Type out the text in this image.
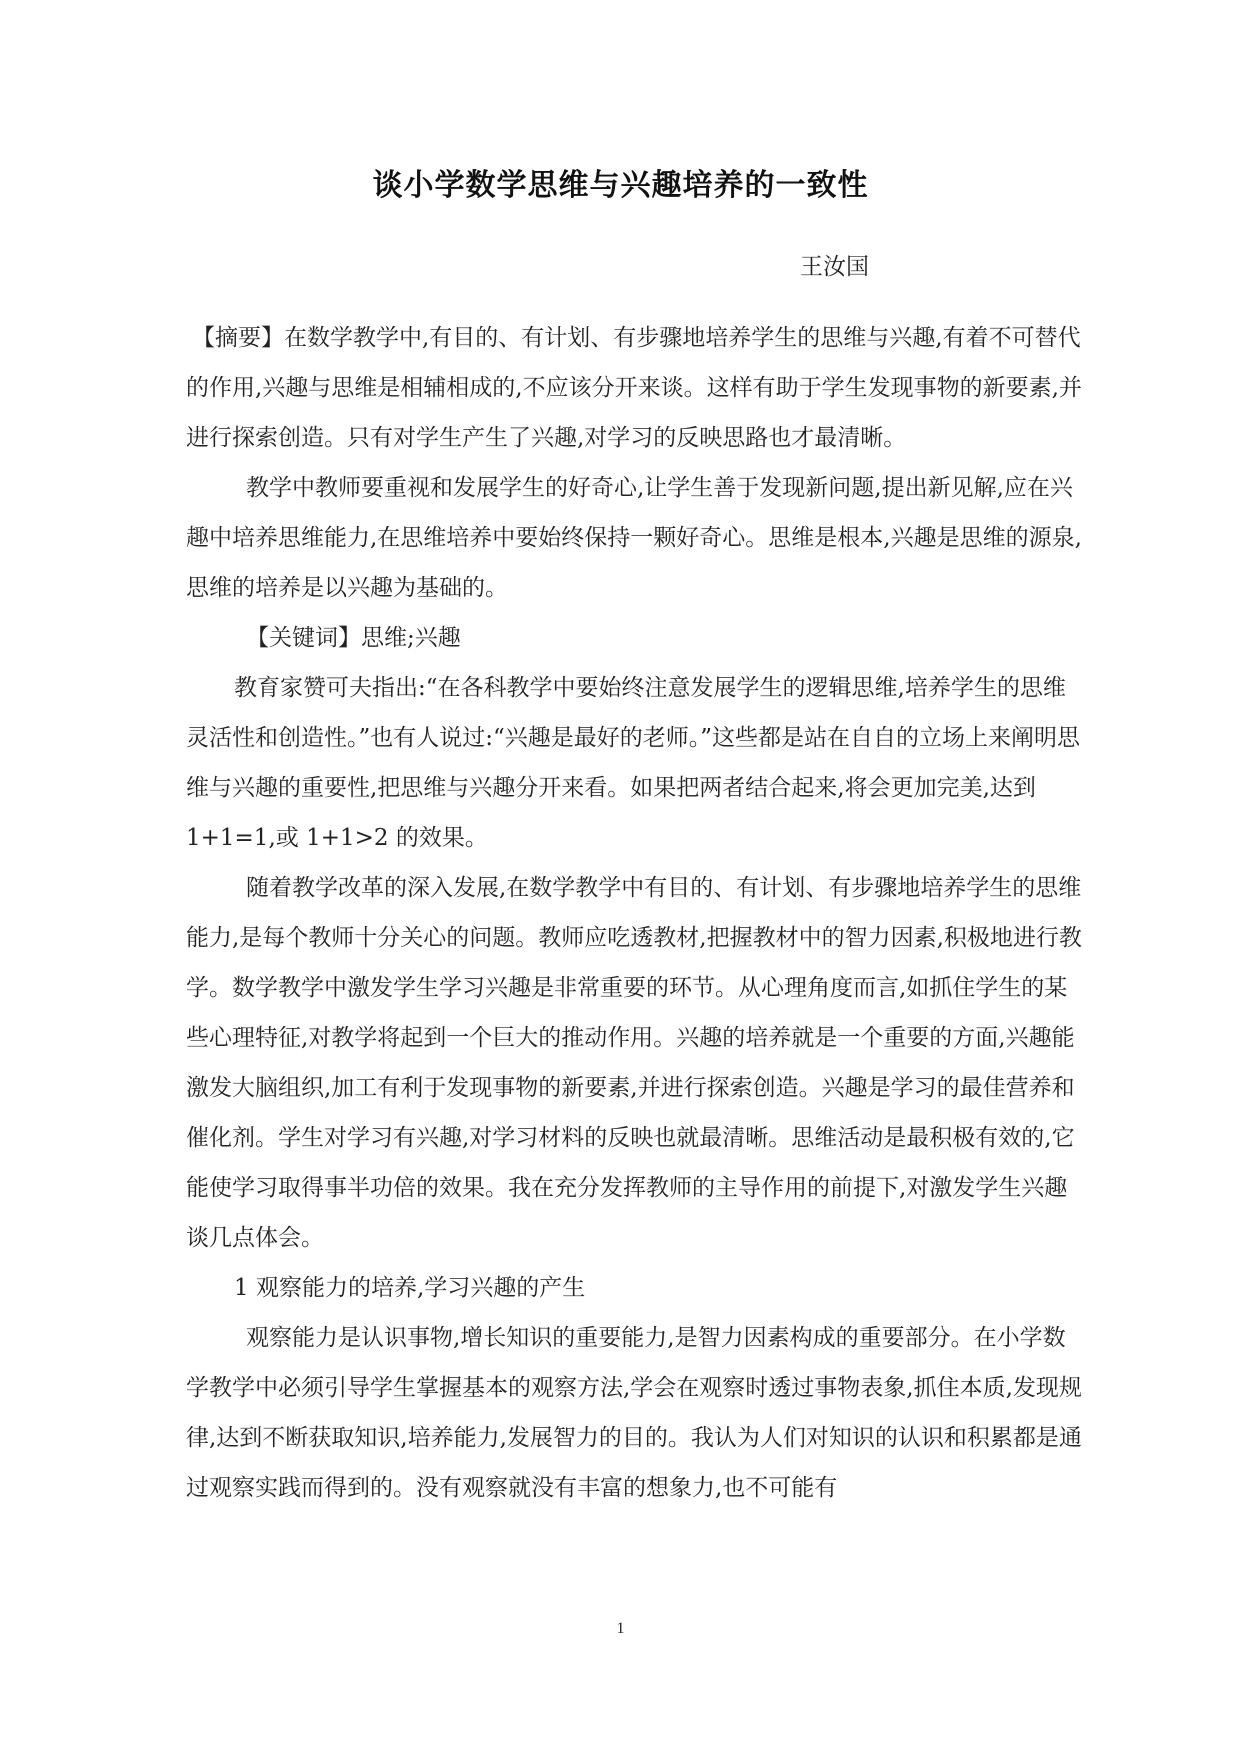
谈小学数学思维与兴趣培养的一致性
王汝国

【摘要】在数学教学中,有目的、有计划、有步骤地培养学生的思维与兴趣,有着不可替代的作用,兴趣与思维是相辅相成的,不应该分开来谈。这样有助于学生发现事物的新要素,并进行探索创造。只有对学生产生了兴趣,对学习的反映思路也才最清晰。

教学中教师要重视和发展学生的好奇心,让学生善于发现新问题,提出新见解,应在兴趣中培养思维能力,在思维培养中要始终保持一颗好奇心。思维是根本,兴趣是思维的源泉,思维的培养是以兴趣为基础的。

【关键词】思维;兴趣

教育家赞可夫指出:“在各科教学中要始终注意发展学生的逻辑思维,培养学生的思维灵活性和创造性。”也有人说过:“兴趣是最好的老师。”这些都是站在自自的立场上来阐明思维与兴趣的重要性,把思维与兴趣分开来看。如果把两者结合起来,将会更加完美,达到 1+1=1,或 1+1>2 的效果。

随着教学改革的深入发展,在数学教学中有目的、有计划、有步骤地培养学生的思维能力,是每个教师十分关心的问题。教师应吃透教材,把握教材中的智力因素,积极地进行教学。数学教学中激发学生学习兴趣是非常重要的环节。从心理角度而言,如抓住学生的某些心理特征,对教学将起到一个巨大的推动作用。兴趣的培养就是一个重要的方面,兴趣能激发大脑组织,加工有利于发现事物的新要素,并进行探索创造。兴趣是学习的最佳营养和催化剂。学生对学习有兴趣,对学习材料的反映也就最清晰。思维活动是最积极有效的,它能使学习取得事半功倍的效果。我在充分发挥教师的主导作用的前提下,对激发学生兴趣谈几点体会。

1 观察能力的培养,学习兴趣的产生

观察能力是认识事物,增长知识的重要能力,是智力因素构成的重要部分。在小学数学教学中必须引导学生掌握基本的观察方法,学会在观察时透过事物表象,抓住本质,发现规律,达到不断获取知识,培养能力,发展智力的目的。我认为人们对知识的认识和积累都是通过观察实践而得到的。没有观察就没有丰富的想象力,也不可能有

1
